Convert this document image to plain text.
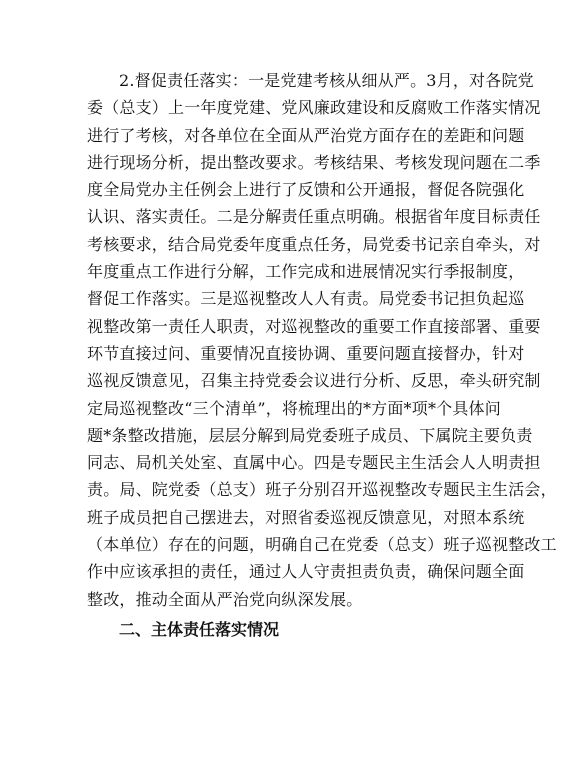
2.督促责任落实：一是党建考核从细从严。3月，对各院党
委（总支）上一年度党建、党风廉政建设和反腐败工作落实情况
进行了考核，对各单位在全面从严治党方面存在的差距和问题
进行现场分析，提出整改要求。考核结果、考核发现问题在二季
度全局党办主任例会上进行了反馈和公开通报，督促各院强化
认识、落实责任。二是分解责任重点明确。根据省年度目标责任
考核要求，结合局党委年度重点任务，局党委书记亲自牵头，对
年度重点工作进行分解，工作完成和进展情况实行季报制度，
督促工作落实。三是巡视整改人人有责。局党委书记担负起巡
视整改第一责任人职责，对巡视整改的重要工作直接部署、重要
环节直接过问、重要情况直接协调、重要问题直接督办，针对
巡视反馈意见，召集主持党委会议进行分析、反思，牵头研究制
定局巡视整改“三个清单”，将梳理出的*方面*项*个具体问
题*条整改措施，层层分解到局党委班子成员、下属院主要负责
同志、局机关处室、直属中心。四是专题民主生活会人人明责担
责。局、院党委（总支）班子分别召开巡视整改专题民主生活会，
班子成员把自己摆进去，对照省委巡视反馈意见，对照本系统
（本单位）存在的问题，明确自己在党委（总支）班子巡视整改工
作中应该承担的责任，通过人人守责担责负责，确保问题全面
整改，推动全面从严治党向纵深发展。
二、主体责任落实情况
